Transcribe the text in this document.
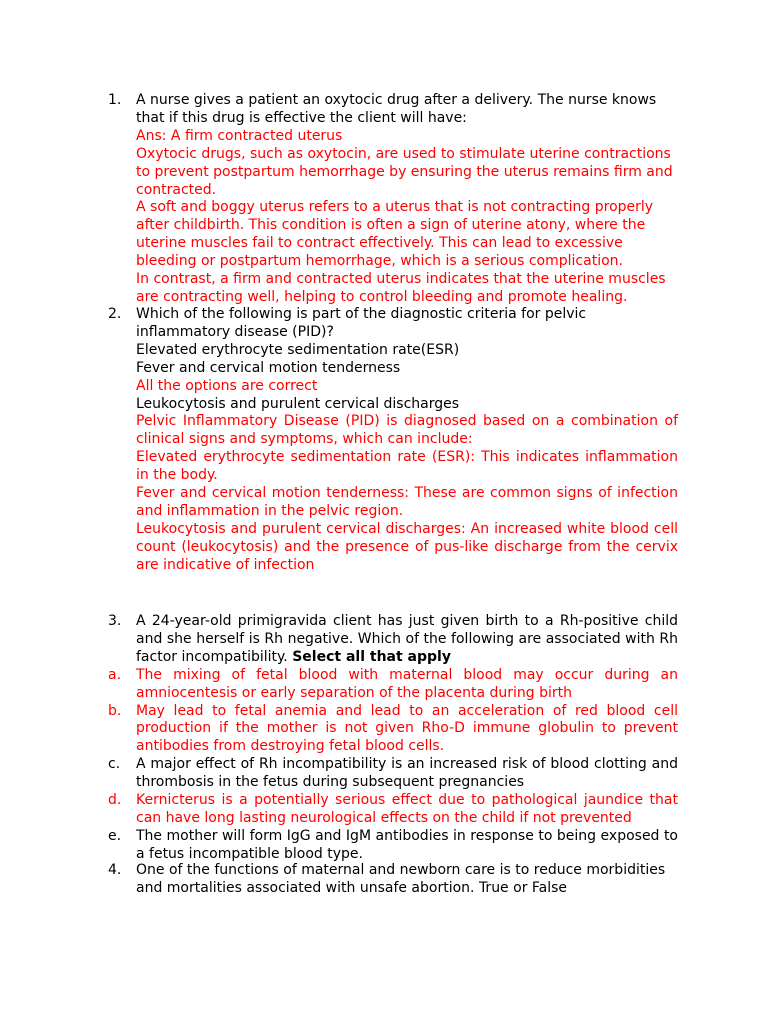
1.	A nurse gives a patient an oxytocic drug after a delivery. The nurse knows that if this drug is effective the client will have:
Ans: A firm contracted uterus
Oxytocic drugs, such as oxytocin, are used to stimulate uterine contractions to prevent postpartum hemorrhage by ensuring the uterus remains firm and contracted.
A soft and boggy uterus refers to a uterus that is not contracting properly after childbirth. This condition is often a sign of uterine atony, where the uterine muscles fail to contract effectively. This can lead to excessive bleeding or postpartum hemorrhage, which is a serious complication.
In contrast, a firm and contracted uterus indicates that the uterine muscles are contracting well, helping to control bleeding and promote healing.
2.	Which of the following is part of the diagnostic criteria for pelvic inflammatory disease (PID)?
Elevated erythrocyte sedimentation rate(ESR)
Fever and cervical motion tenderness
All the options are correct
Leukocytosis and purulent cervical discharges
Pelvic Inflammatory Disease (PID) is diagnosed based on a combination of clinical signs and symptoms, which can include:
Elevated erythrocyte sedimentation rate (ESR): This indicates inflammation in the body.
Fever and cervical motion tenderness: These are common signs of infection and inflammation in the pelvic region.
Leukocytosis and purulent cervical discharges: An increased white blood cell count (leukocytosis) and the presence of pus-like discharge from the cervix are indicative of infection
3.	A 24-year-old primigravida client has just given birth to a Rh-positive child and she herself is Rh negative. Which of the following are associated with Rh factor incompatibility. Select all that apply
a.	The mixing of fetal blood with maternal blood may occur during an amniocentesis or early separation of the placenta during birth
b.	May lead to fetal anemia and lead to an acceleration of red blood cell production if the mother is not given Rho-D immune globulin to prevent antibodies from destroying fetal blood cells.
c.	A major effect of Rh incompatibility is an increased risk of blood clotting and thrombosis in the fetus during subsequent pregnancies
d.	Kernicterus is a potentially serious effect due to pathological jaundice that can have long lasting neurological effects on the child if not prevented
e.	The mother will form IgG and IgM antibodies in response to being exposed to a fetus incompatible blood type.
4.	One of the functions of maternal and newborn care is to reduce morbidities and mortalities associated with unsafe abortion. True or False
